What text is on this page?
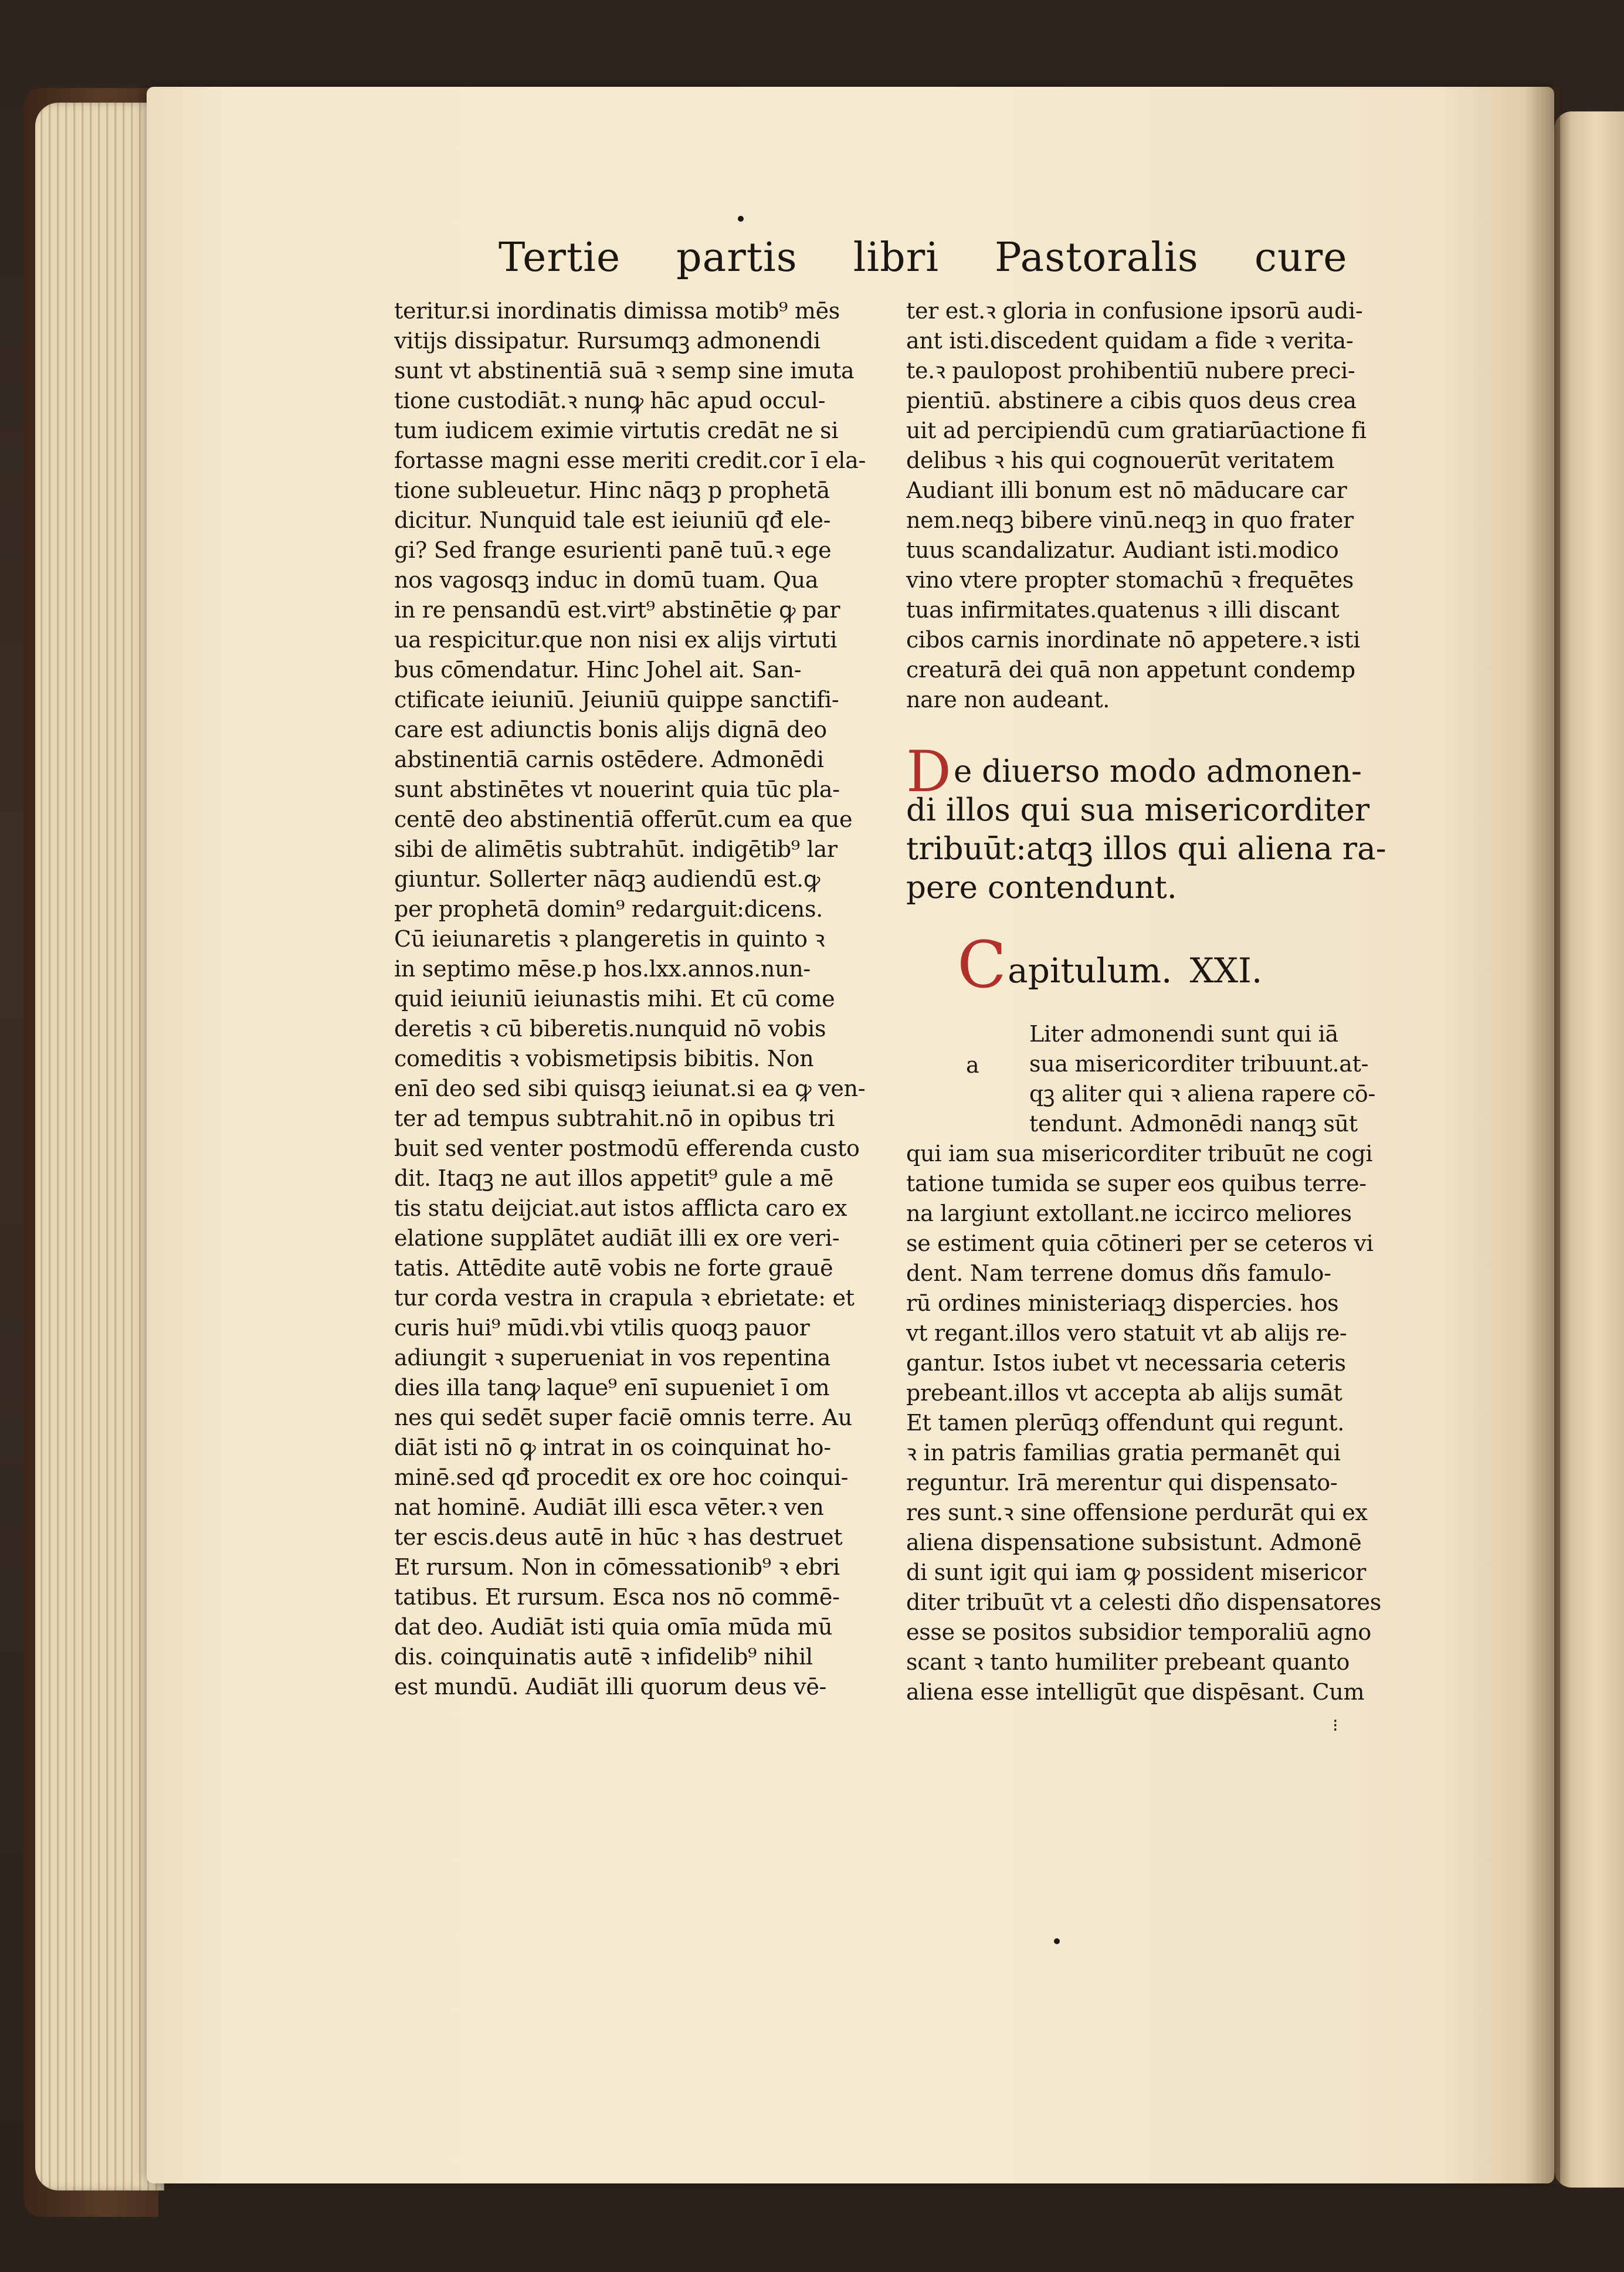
Tertie partis libri Pastoralis cure
teritur.si inordinatis dimissa motib⁹ mēs
vitijs dissipatur. Rursumqꝫ admonendi
sunt vt abstinentiā suā ꝛ semp sine imuta
tione custodiāt.ꝛ nunꝙ hāc apud occul-
tum iudicem eximie virtutis credāt ne si
fortasse magni esse meriti credit.cor ī ela-
tione subleuetur. Hinc nāqꝫ p prophetā
dicitur. Nunquid tale est ieiuniū qđ ele-
gi? Sed frange esurienti panē tuū.ꝛ ege
nos vagosqꝫ induc in domū tuam. Qua
in re pensandū est.virt⁹ abstinētie ꝙ par
ua respicitur.que non nisi ex alijs virtuti
bus cōmendatur. Hinc Johel ait. San-
ctificate ieiuniū. Jeiuniū quippe sanctifi-
care est adiunctis bonis alijs dignā deo
abstinentiā carnis ostēdere. Admonēdi
sunt abstinētes vt nouerint quia tūc pla-
centē deo abstinentiā offerūt.cum ea que
sibi de alimētis subtrahūt. indigētib⁹ lar
giuntur. Sollerter nāqꝫ audiendū est.ꝙ
per prophetā domin⁹ redarguit:dicens.
Cū ieiunaretis ꝛ plangeretis in quinto ꝛ
in septimo mēse.p hos.lxx.annos.nun-
quid ieiuniū ieiunastis mihi. Et cū come
deretis ꝛ cū biberetis.nunquid nō vobis
comeditis ꝛ vobismetipsis bibitis. Non
enī deo sed sibi quisqꝫ ieiunat.si ea ꝙ ven-
ter ad tempus subtrahit.nō in opibus tri
buit sed venter postmodū efferenda custo
dit. Itaqꝫ ne aut illos appetit⁹ gule a mē
tis statu deijciat.aut istos afflicta caro ex
elatione supplātet audiāt illi ex ore veri-
tatis. Attēdite autē vobis ne forte grauē
tur corda vestra in crapula ꝛ ebrietate: et
curis hui⁹ mūdi.vbi vtilis quoqꝫ pauor
adiungit ꝛ superueniat in vos repentina
dies illa tanꝙ laque⁹ enī supueniet ī om
nes qui sedēt super faciē omnis terre. Au
diāt isti nō ꝙ intrat in os coinquinat ho-
minē.sed qđ procedit ex ore hoc coinqui-
nat hominē. Audiāt illi esca vēter.ꝛ ven
ter escis.deus autē in hūc ꝛ has destruet
Et rursum. Non in cōmessationib⁹ ꝛ ebri
tatibus. Et rursum. Esca nos nō commē-
dat deo. Audiāt isti quia omīa mūda mū
dis. coinquinatis autē ꝛ infidelib⁹ nihil
est mundū. Audiāt illi quorum deus vē-
ter est.ꝛ gloria in confusione ipsorū audi-
ant isti.discedent quidam a fide ꝛ verita-
te.ꝛ paulopost prohibentiū nubere preci-
pientiū. abstinere a cibis quos deus crea
uit ad percipiendū cum gratiarūactione fi
delibus ꝛ his qui cognouerūt veritatem
Audiant illi bonum est nō māducare car
nem.neqꝫ bibere vinū.neqꝫ in quo frater
tuus scandalizatur. Audiant isti.modico
vino vtere propter stomachū ꝛ frequētes
tuas infirmitates.quatenus ꝛ illi discant
cibos carnis inordinate nō appetere.ꝛ isti
creaturā dei quā non appetunt condemp
nare non audeant.
De diuerso modo admonen-
di illos qui sua misericorditer
tribuūt:atqꝫ illos qui aliena ra-
pere contendunt.
Capitulum. XXI.
a
Liter admonendi sunt qui iā
sua misericorditer tribuunt.at-
qꝫ aliter qui ꝛ aliena rapere cō-
tendunt. Admonēdi nanqꝫ sūt
qui iam sua misericorditer tribuūt ne cogi
tatione tumida se super eos quibus terre-
na largiunt extollant.ne iccirco meliores
se estiment quia cōtineri per se ceteros vi
dent. Nam terrene domus dñs famulo-
rū ordines ministeriaqꝫ dispercies. hos
vt regant.illos vero statuit vt ab alijs re-
gantur. Istos iubet vt necessaria ceteris
prebeant.illos vt accepta ab alijs sumāt
Et tamen plerūqꝫ offendunt qui regunt.
ꝛ in patris familias gratia permanēt qui
reguntur. Irā merentur qui dispensato-
res sunt.ꝛ sine offensione perdurāt qui ex
aliena dispensatione subsistunt. Admonē
di sunt igit qui iam ꝙ possident misericor
diter tribuūt vt a celesti dño dispensatores
esse se positos subsidior temporaliū agno
scant ꝛ tanto humiliter prebeant quanto
aliena esse intelligūt que dispēsant. Cum
⁝
